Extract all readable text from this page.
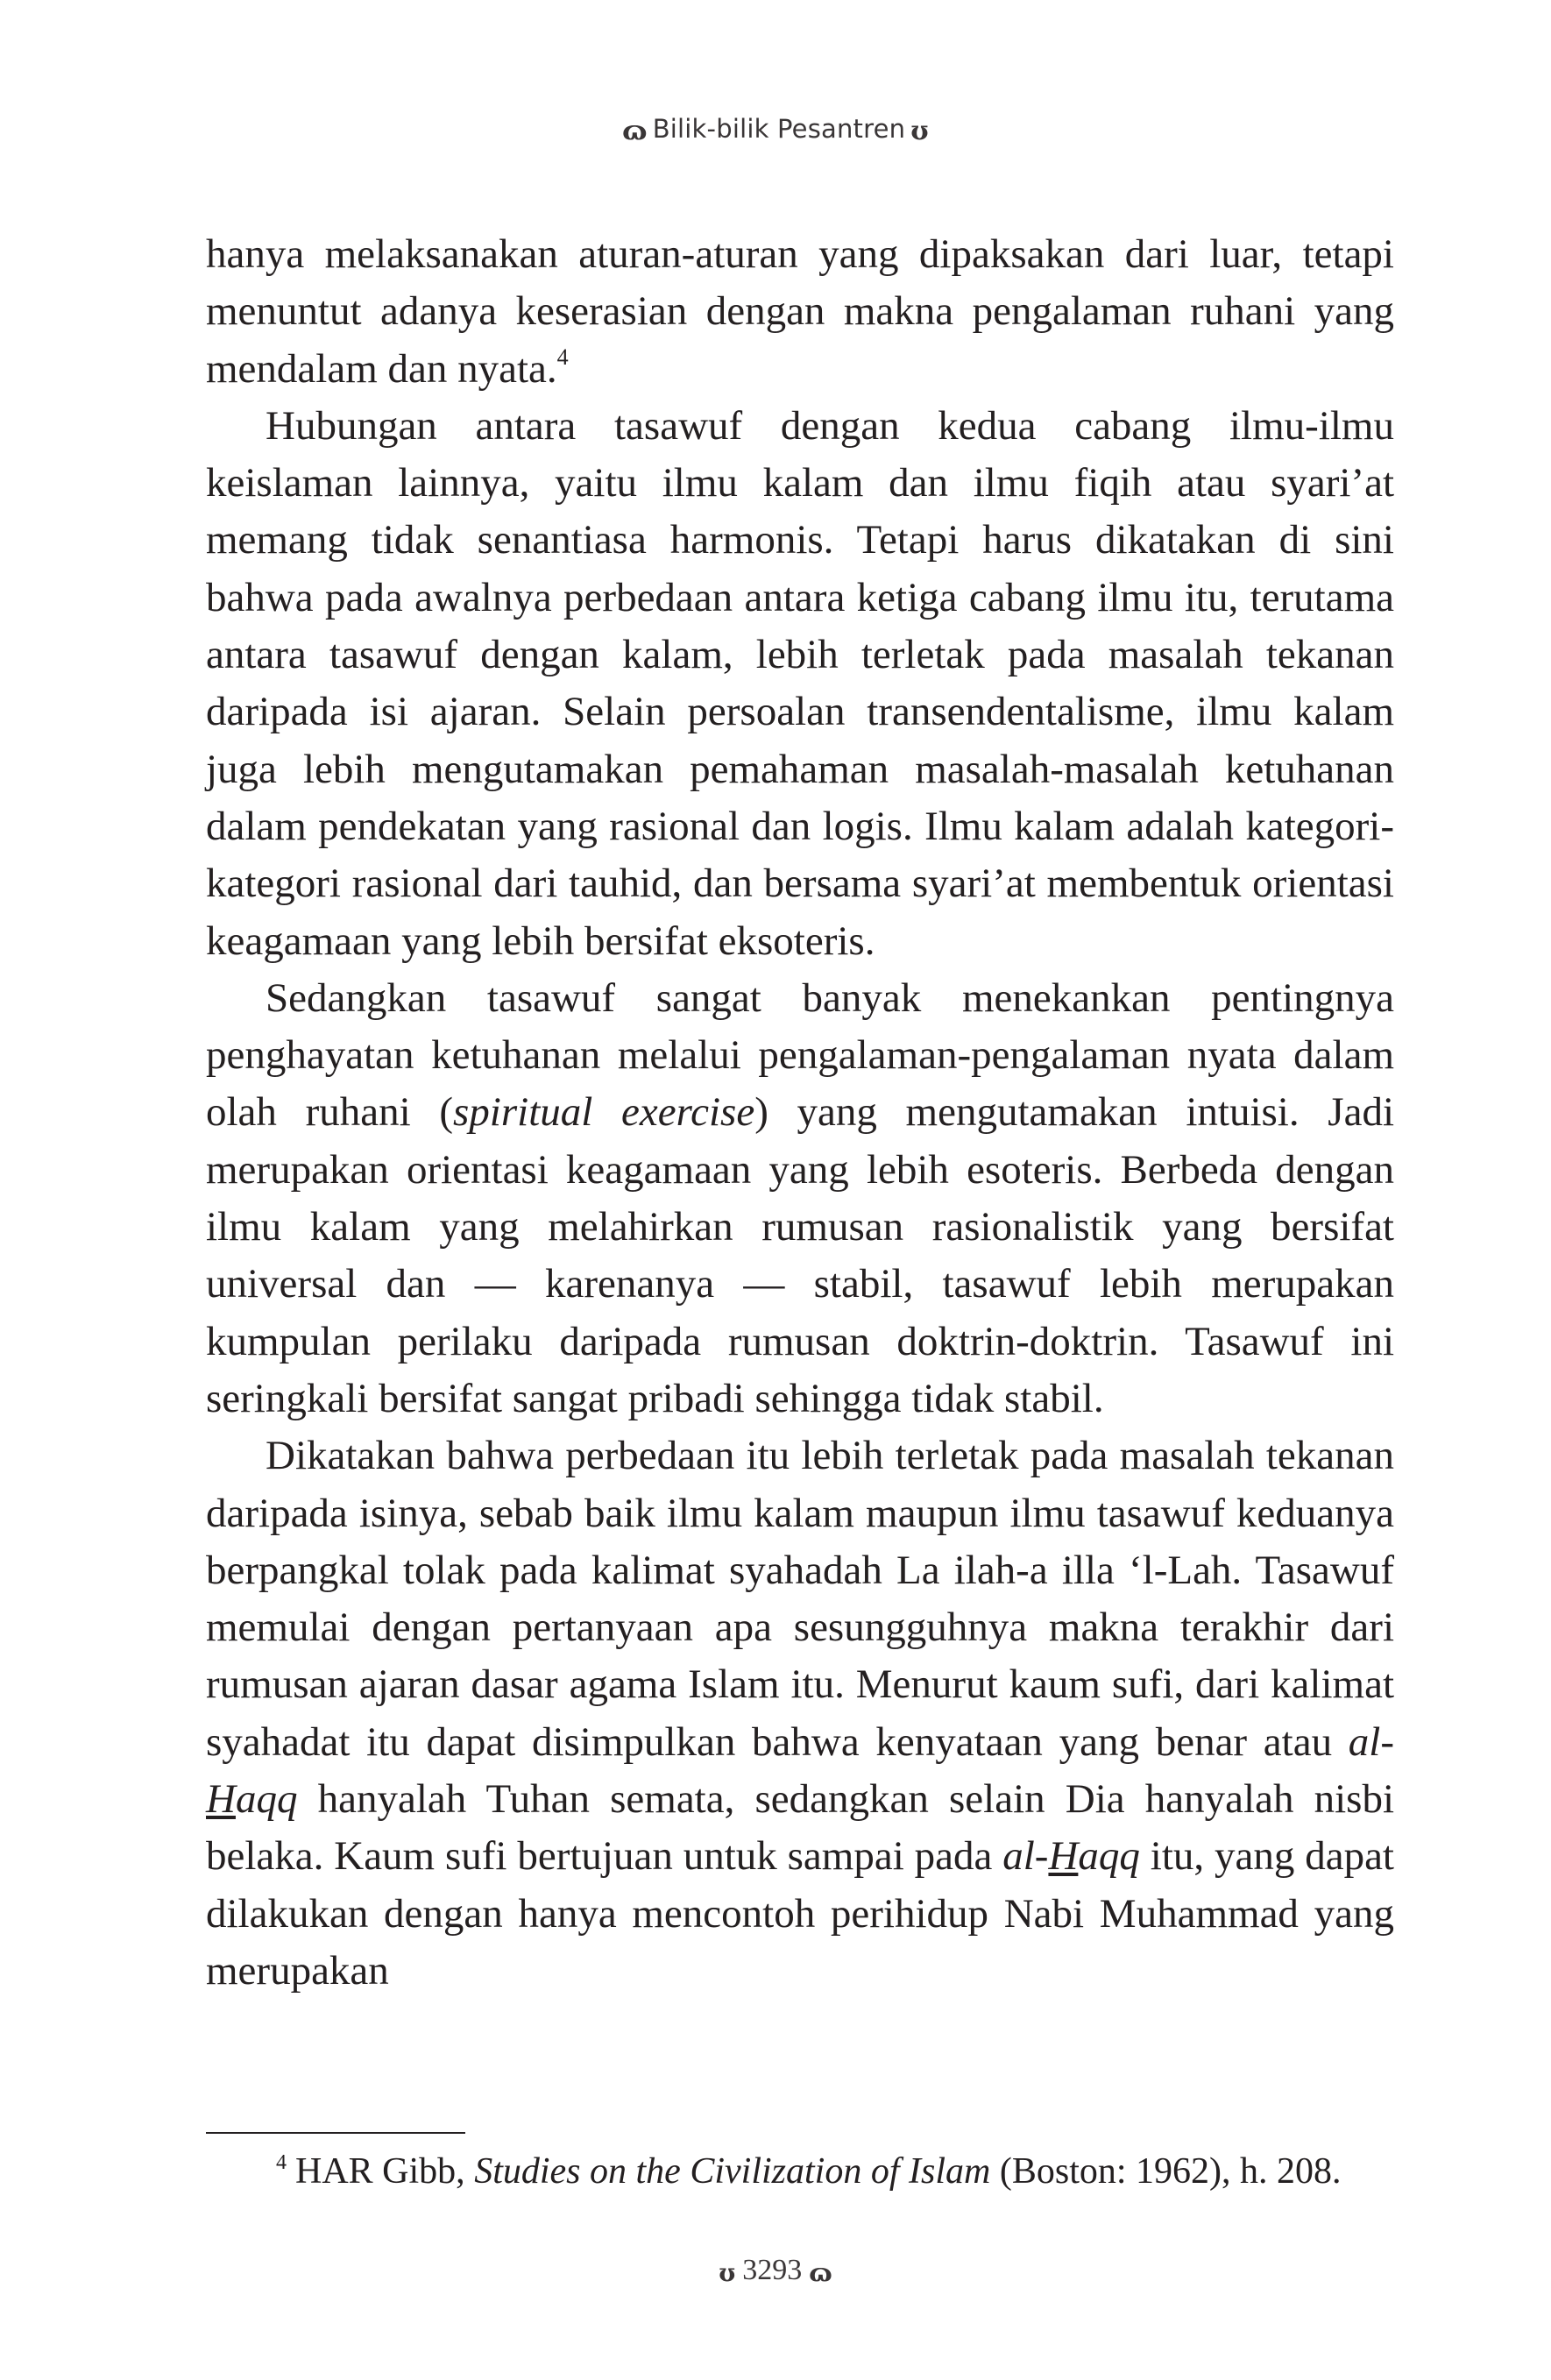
ɷ Bilik-bilik Pesantren ʊ

hanya melaksanakan aturan-aturan yang dipaksakan dari luar, tetapi menuntut adanya keserasian dengan makna pengalaman ruhani yang mendalam dan nyata.$^4$

Hubungan antara tasawuf dengan kedua cabang ilmu-ilmu keislaman lainnya, yaitu ilmu kalam dan ilmu fiqih atau syari’at memang tidak senantiasa harmonis. Tetapi harus dikatakan di sini bahwa pada awalnya perbedaan antara ketiga cabang ilmu itu, terutama antara tasawuf dengan kalam, lebih terletak pada masalah tekanan daripada isi ajaran. Selain persoalan transendentalisme, ilmu kalam juga lebih mengutamakan pemahaman masalah-masalah ketuhanan dalam pendekatan yang rasional dan logis. Ilmu kalam adalah kategori-kategori rasional dari tauhid, dan bersama syari’at membentuk orientasi keagamaan yang lebih bersifat eksoteris.

Sedangkan tasawuf sangat banyak menekankan pentingnya penghayatan ketuhanan melalui pengalaman-pengalaman nyata dalam olah ruhani (spiritual exercise) yang mengutamakan intuisi. Jadi merupakan orientasi keagamaan yang lebih esoteris. Berbeda dengan ilmu kalam yang melahirkan rumusan rasionalistik yang bersifat universal dan — karenanya — stabil, tasawuf lebih merupakan kumpulan perilaku daripada rumusan doktrin-doktrin. Tasawuf ini seringkali bersifat sangat pribadi sehingga tidak stabil.

Dikatakan bahwa perbedaan itu lebih terletak pada masalah tekanan daripada isinya, sebab baik ilmu kalam maupun ilmu tasawuf keduanya berpangkal tolak pada kalimat syahadah La ilah-a illa ‘l-Lah. Tasawuf memulai dengan pertanyaan apa sesungguhnya makna terakhir dari rumusan ajaran dasar agama Islam itu. Menurut kaum sufi, dari kalimat syahadat itu dapat disimpulkan bahwa kenyataan yang benar atau al-Haqq hanyalah Tuhan semata, sedangkan selain Dia hanyalah nisbi belaka. Kaum sufi bertujuan untuk sampai pada al-Haqq itu, yang dapat dilakukan dengan hanya mencontoh perihidup Nabi Muhammad yang merupakan

$^4$ HAR Gibb, Studies on the Civilization of Islam (Boston: 1962), h. 208.
ʊ 3293 ɷ
